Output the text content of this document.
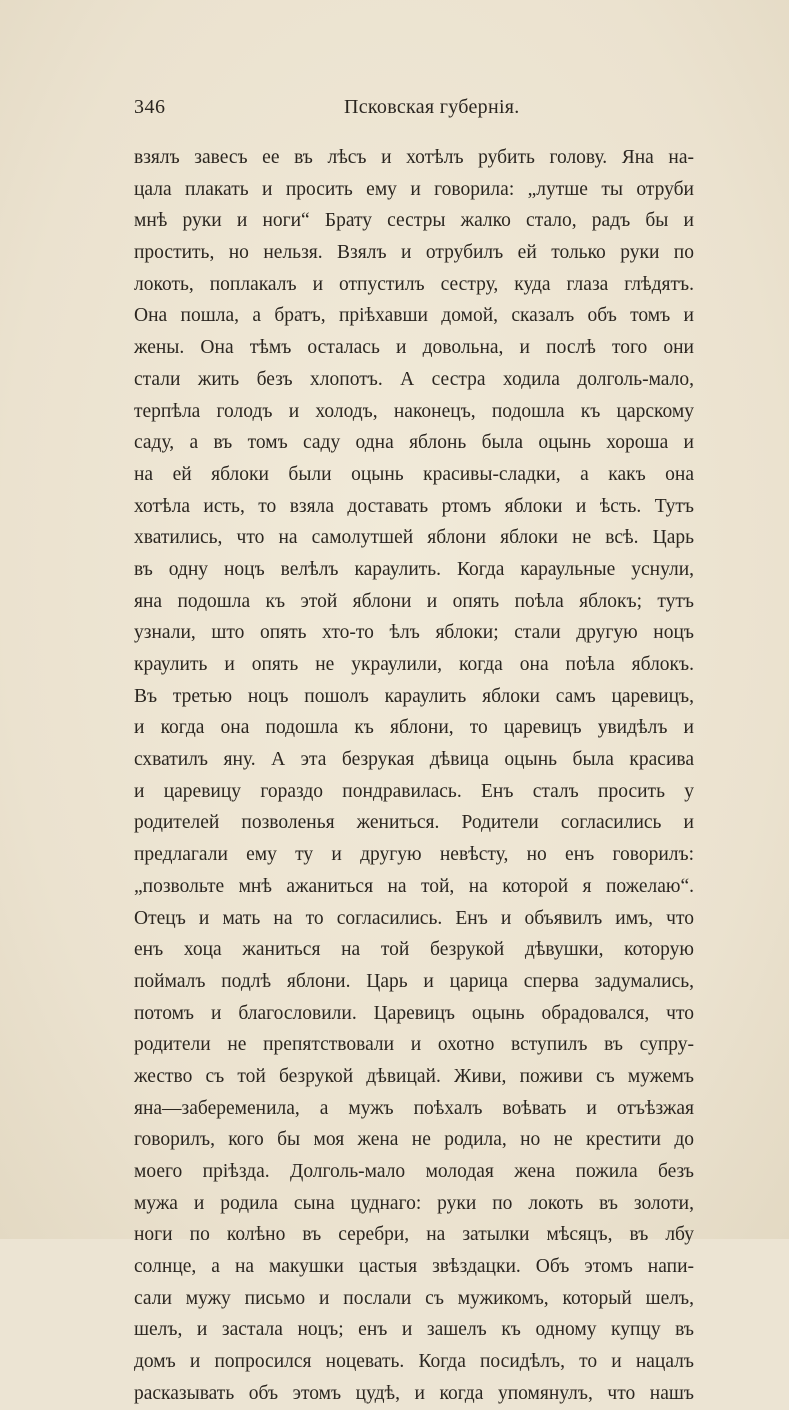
346	Псковская губернія.
взялъ завесъ ее въ лѣсъ и хотѣлъ рубить голову. Яна на-
цала плакать и просить ему и говорила: „лутше ты отруби
мнѣ руки и ноги“ Брату сестры жалко стало, радъ бы и
простить, но нельзя. Взялъ и отрубилъ ей только руки по
локоть, поплакалъ и отпустилъ сестру, куда глаза глѣдятъ.
Она пошла, а братъ, пріѣхавши домой, сказалъ объ томъ и
жены. Она тѣмъ осталась и довольна, и послѣ того они
стали жить безъ хлопотъ. А сестра ходила долголь-мало,
терпѣла голодъ и холодъ, наконецъ, подошла къ царскому
саду, а въ томъ саду одна яблонь была оцынь хороша и
на ей яблоки были оцынь красивы-сладки, а какъ она
хотѣла исть, то взяла доставать ртомъ яблоки и ѣсть. Тутъ
хватились, что на самолутшей яблони яблоки не всѣ. Царь
въ одну ноцъ велѣлъ караулить. Когда караульные уснули,
яна подошла къ этой яблони и опять поѣла яблокъ; тутъ
узнали, што опять хто-то ѣлъ яблоки; стали другую ноцъ
краулить и опять не украулили, когда она поѣла яблокъ.
Въ третью ноцъ пошолъ караулить яблоки самъ царевицъ,
и когда она подошла къ яблони, то царевицъ увидѣлъ и
схватилъ яну. А эта безрукая дѣвица оцынь была красива
и царевицу гораздо пондравилась. Енъ сталъ просить у
родителей позволенья жениться. Родители согласились и
предлагали ему ту и другую невѣсту, но енъ говорилъ:
„позвольте мнѣ ажаниться на той, на которой я пожелаю“.
Отецъ и мать на то согласились. Енъ и объявилъ имъ, что
енъ хоца жаниться на той безрукой дѣвушки, которую
поймалъ подлѣ яблони. Царь и царица сперва задумались,
потомъ и благословили. Царевицъ оцынь обрадовался, что
родители не препятствовали и охотно вступилъ въ супру-
жество съ той безрукой дѣвицай. Живи, поживи съ мужемъ
яна—забеременила, а мужъ поѣхалъ воѣвать и отъѣзжая
говорилъ, кого бы моя жена не родила, но не крестити до
моего пріѣзда. Долголь-мало молодая жена пожила безъ
мужа и родила сына цуднаго: руки по локоть въ золоти,
ноги по колѣно въ серебри, на затылки мѣсяцъ, въ лбу
солнце, а на макушки цастыя звѣздацки. Объ этомъ напи-
сали мужу письмо и послали съ мужикомъ, который шелъ,
шелъ, и застала ноцъ; енъ и зашелъ къ одному купцу въ
домъ и попросился ноцевать. Когда посидѣлъ, то и нацалъ
расказывать объ этомъ цудѣ, и когда упомянулъ, что нашъ
